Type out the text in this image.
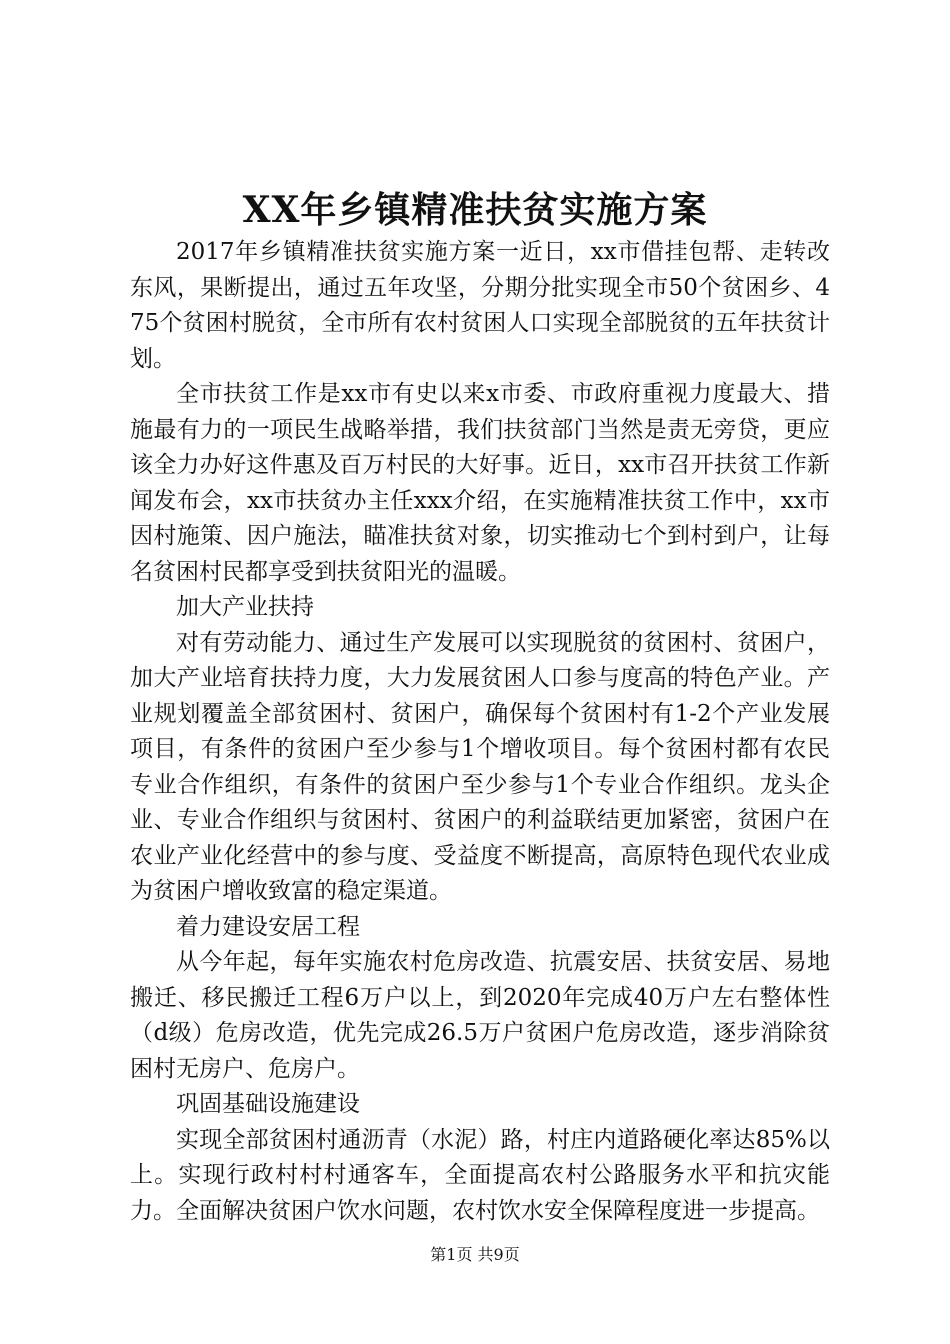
XX年乡镇精准扶贫实施方案

2017年乡镇精准扶贫实施方案一近日，xx市借挂包帮、走转改东风，果断提出，通过五年攻坚，分期分批实现全市50个贫困乡、475个贫困村脱贫，全市所有农村贫困人口实现全部脱贫的五年扶贫计划。

全市扶贫工作是xx市有史以来x市委、市政府重视力度最大、措施最有力的一项民生战略举措，我们扶贫部门当然是责无旁贷，更应该全力办好这件惠及百万村民的大好事。近日，xx市召开扶贫工作新闻发布会，xx市扶贫办主任xxx介绍，在实施精准扶贫工作中，xx市因村施策、因户施法，瞄准扶贫对象，切实推动七个到村到户，让每名贫困村民都享受到扶贫阳光的温暖。

加大产业扶持

对有劳动能力、通过生产发展可以实现脱贫的贫困村、贫困户，加大产业培育扶持力度，大力发展贫困人口参与度高的特色产业。产业规划覆盖全部贫困村、贫困户，确保每个贫困村有1-2个产业发展项目，有条件的贫困户至少参与1个增收项目。每个贫困村都有农民专业合作组织，有条件的贫困户至少参与1个专业合作组织。龙头企业、专业合作组织与贫困村、贫困户的利益联结更加紧密，贫困户在农业产业化经营中的参与度、受益度不断提高，高原特色现代农业成为贫困户增收致富的稳定渠道。

着力建设安居工程

从今年起，每年实施农村危房改造、抗震安居、扶贫安居、易地搬迁、移民搬迁工程6万户以上，到2020年完成40万户左右整体性（d级）危房改造，优先完成26.5万户贫困户危房改造，逐步消除贫困村无房户、危房户。

巩固基础设施建设

实现全部贫困村通沥青（水泥）路，村庄内道路硬化率达85%以上。实现行政村村村通客车，全面提高农村公路服务水平和抗灾能力。全面解决贫困户饮水问题，农村饮水安全保障程度进一步提高。

第1页 共9页
